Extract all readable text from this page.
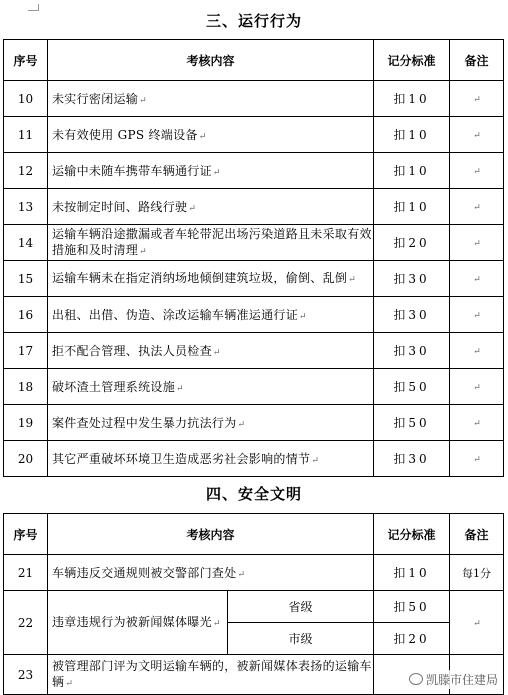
三、运行行为
序号	考核内容	记分标准	备注
10	未实行密闭运输↵	扣10	↵
11	未有效使用 GPS 终端设备↵	扣10	↵
12	运输中未随车携带车辆通行证↵	扣10	↵
13	未按制定时间、路线行驶↵	扣10	↵
14	运输车辆沿途撒漏或者车轮带泥出场污染道路且未采取有效措施和及时清理↵	扣20	↵
15	运输车辆未在指定消纳场地倾倒建筑垃圾，偷倒、乱倒↵	扣30	↵
16	出租、出借、伪造、涂改运输车辆准运通行证↵	扣30	↵
17	拒不配合管理、执法人员检查↵	扣30	↵
18	破坏渣土管理系统设施↵	扣50	↵
19	案件查处过程中发生暴力抗法行为↵	扣50	↵
20	其它严重破坏环境卫生造成恶劣社会影响的情节↵	扣30	↵
四、安全文明
序号	考核内容		记分标准	备注
21	车辆违反交通规则被交警部门查处↵		扣10	每1分
22	违章违规行为被新闻媒体曝光↵	省级	扣50	↵
		市级	扣20	
23	被管理部门评为文明运输车辆的，被新闻媒体表扬的运输车辆↵				凯滕市住建局
